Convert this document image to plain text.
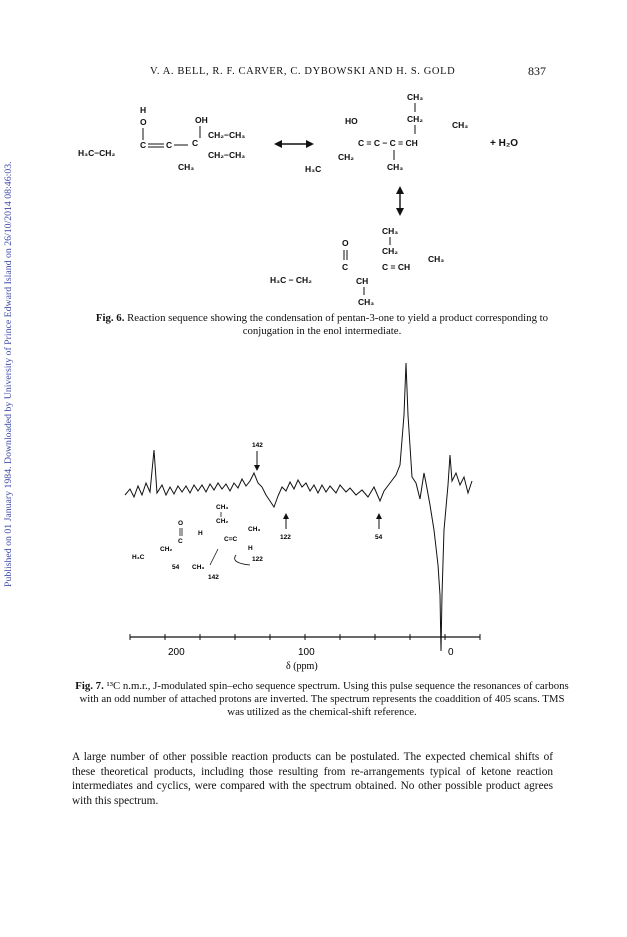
V. A. BELL, R. F. CARVER, C. DYBOWSKI AND H. S. GOLD	837
Published on 01 January 1984. Downloaded by University of Prince Edward Island on 26/10/2014 08:46:03.
H
O	OH
H₃C−CH₂
C C C
CH₂−CH₃
CH₂−CH₃
CH₃
CH₃
HO	CH₂
CH₃
C = C − C = CH
CH₂
H₃C	CH₃
+ H₂O
CH₃
O
CH₂
CH₃
C	C = CH
H₃C − CH₂	CH
CH₃
Fig. 6. Reaction sequence showing the condensation of pentan-3-one to yield a product corresponding to conjugation in the enol intermediate.
200	100	0
δ (ppm)
142
122	54
CH₃
CH₂
CH₃
O
C
H
C=C
H
CH₂
H₃C
54 CH₃
142
122
Fig. 7. ¹³C n.m.r., J-modulated spin–echo sequence spectrum. Using this pulse sequence the resonances of carbons with an odd number of attached protons are inverted. The spectrum represents the coaddition of 405 scans. TMS was utilized as the chemical-shift reference.
A large number of other possible reaction products can be postulated. The expected chemical shifts of these theoretical products, including those resulting from re-arrangements typical of ketone reaction intermediates and cyclics, were compared with the spectrum obtained. No other possible product agrees with this spectrum.
